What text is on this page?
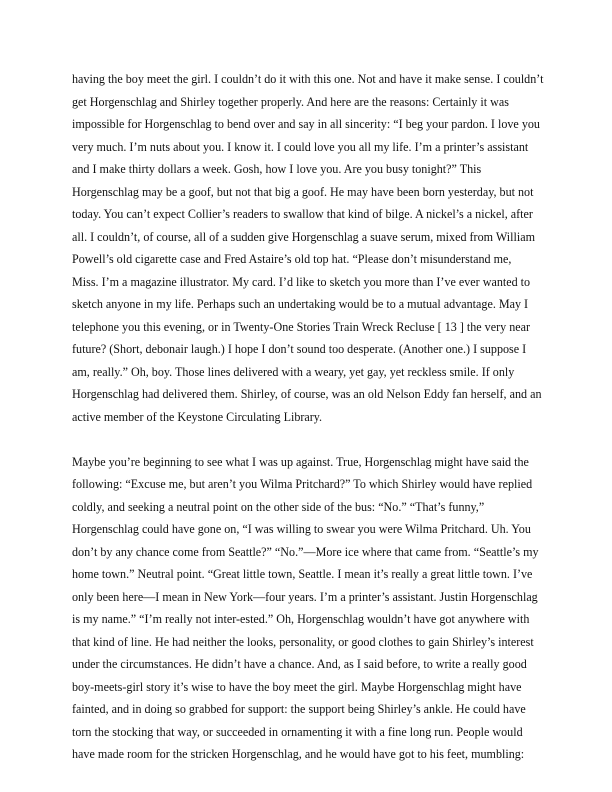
having the boy meet the girl. I couldn’t do it with this one. Not and have it make sense. I couldn’t
get Horgenschlag and Shirley together properly. And here are the reasons: Certainly it was
impossible for Horgenschlag to bend over and say in all sincerity: “I beg your pardon. I love you
very much. I’m nuts about you. I know it. I could love you all my life. I’m a printer’s assistant
and I make thirty dollars a week. Gosh, how I love you. Are you busy tonight?” This
Horgenschlag may be a goof, but not that big a goof. He may have been born yesterday, but not
today. You can’t expect Collier’s readers to swallow that kind of bilge. A nickel’s a nickel, after
all. I couldn’t, of course, all of a sudden give Horgenschlag a suave serum, mixed from William
Powell’s old cigarette case and Fred Astaire’s old top hat. “Please don’t misunderstand me,
Miss. I’m a magazine illustrator. My card. I’d like to sketch you more than I’ve ever wanted to
sketch anyone in my life. Perhaps such an undertaking would be to a mutual advantage. May I
telephone you this evening, or in Twenty-One Stories Train Wreck Recluse [ 13 ] the very near
future? (Short, debonair laugh.) I hope I don’t sound too desperate. (Another one.) I suppose I
am, really.” Oh, boy. Those lines delivered with a weary, yet gay, yet reckless smile. If only
Horgenschlag had delivered them. Shirley, of course, was an old Nelson Eddy fan herself, and an
active member of the Keystone Circulating Library.
Maybe you’re beginning to see what I was up against. True, Horgenschlag might have said the
following: “Excuse me, but aren’t you Wilma Pritchard?” To which Shirley would have replied
coldly, and seeking a neutral point on the other side of the bus: “No.” “That’s funny,”
Horgenschlag could have gone on, “I was willing to swear you were Wilma Pritchard. Uh. You
don’t by any chance come from Seattle?” “No.”—More ice where that came from. “Seattle’s my
home town.” Neutral point. “Great little town, Seattle. I mean it’s really a great little town. I’ve
only been here—I mean in New York—four years. I’m a printer’s assistant. Justin Horgenschlag
is my name.” “I’m really not inter-ested.” Oh, Horgenschlag wouldn’t have got anywhere with
that kind of line. He had neither the looks, personality, or good clothes to gain Shirley’s interest
under the circumstances. He didn’t have a chance. And, as I said before, to write a really good
boy-meets-girl story it’s wise to have the boy meet the girl. Maybe Horgenschlag might have
fainted, and in doing so grabbed for support: the support being Shirley’s ankle. He could have
torn the stocking that way, or succeeded in ornamenting it with a fine long run. People would
have made room for the stricken Horgenschlag, and he would have got to his feet, mumbling:
